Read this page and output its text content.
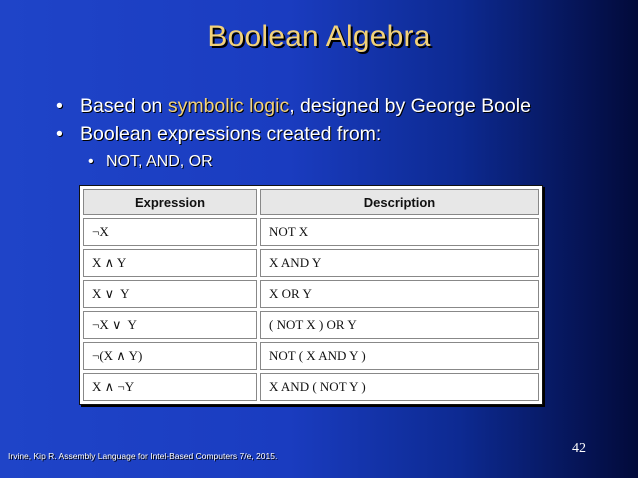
Boolean Algebra
• Based on symbolic logic, designed by George Boole
• Boolean expressions created from:
• NOT, AND, OR
Expression	Description
¬X	NOT X
X ∧ Y	X AND Y
X ∨  Y	X OR Y
¬X ∨  Y	( NOT X ) OR Y
¬(X ∧ Y)	NOT ( X AND Y )
X ∧ ¬Y	X AND ( NOT Y )
Irvine, Kip R. Assembly Language for Intel-Based Computers 7/e, 2015.	42
